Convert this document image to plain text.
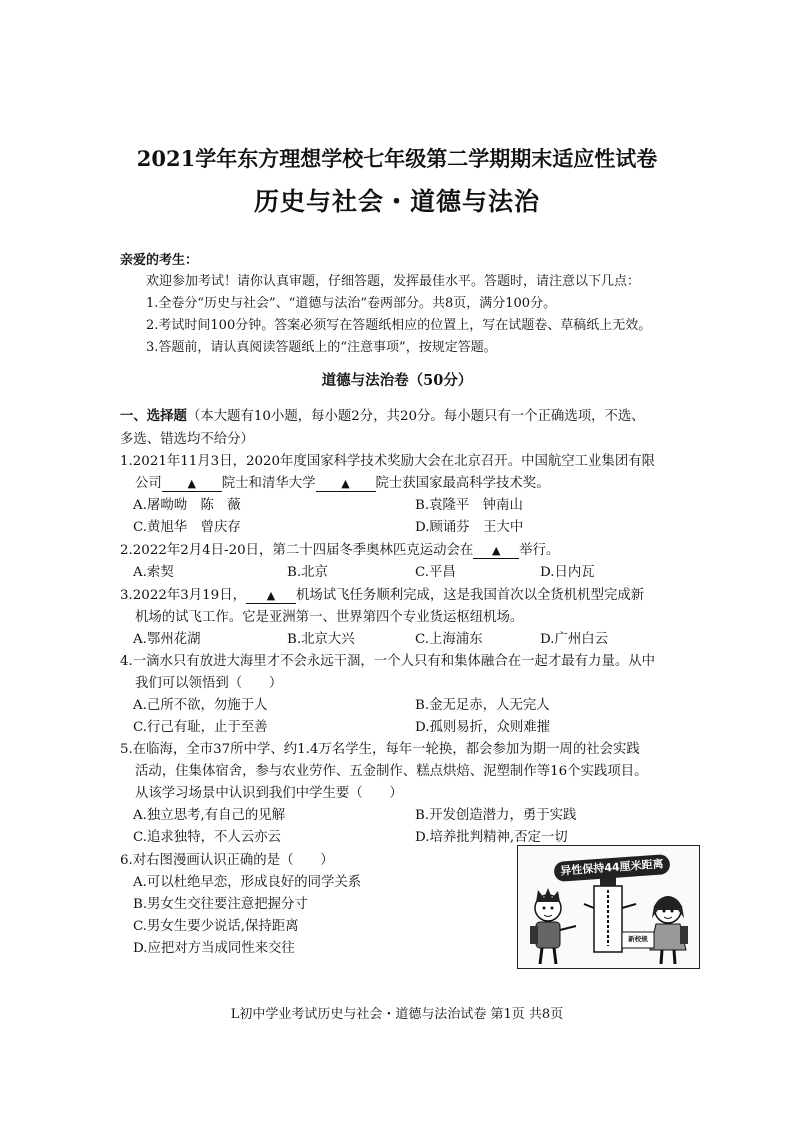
2021学年东方理想学校七年级第二学期期末适应性试卷
历史与社会・道德与法治
亲爱的考生：
欢迎参加考试！请你认真审题，仔细答题，发挥最佳水平。答题时，请注意以下几点：
1.全卷分“历史与社会”、“道德与法治”卷两部分。共8页，满分100分。
2.考试时间100分钟。答案必须写在答题纸相应的位置上，写在试题卷、草稿纸上无效。
3.答题前，请认真阅读答题纸上的“注意事项”，按规定答题。
道德与法治卷（50分）
一、选择题（本大题有10小题，每小题2分，共20分。每小题只有一个正确选项，不选、
多选、错选均不给分）
1.2021年11月3日，2020年度国家科学技术奖励大会在北京召开。中国航空工业集团有限
公司 ▲ 院士和清华大学 ▲ 院士获国家最高科学技术奖。
A.屠呦呦　陈　薇	B.袁隆平　钟南山
C.黄旭华　曾庆存	D.顾诵芬　王大中
2.2022年2月4日-20日，第二十四届冬季奥林匹克运动会在 ▲ 举行。
A.索契	B.北京	C.平昌	D.日内瓦
3.2022年3月19日， ▲ 机场试飞任务顺利完成，这是我国首次以全货机机型完成新
机场的试飞工作。它是亚洲第一、世界第四个专业货运枢纽机场。
A.鄂州花湖	B.北京大兴	C.上海浦东	D.广州白云
4.一滴水只有放进大海里才不会永远干涸，一个人只有和集体融合在一起才最有力量。从中
我们可以领悟到（　　）
A.己所不欲，勿施于人	B.金无足赤，人无完人
C.行己有耻，止于至善	D.孤则易折，众则难摧
5.在临海，全市37所中学、约1.4万名学生，每年一轮换，都会参加为期一周的社会实践
活动，住集体宿舍，参与农业劳作、五金制作、糕点烘焙、泥塑制作等16个实践项目。
从该学习场景中认识到我们中学生要（　　）
A.独立思考,有自己的见解	B.开发创造潜力，勇于实践
C.追求独特，不人云亦云	D.培养批判精神,否定一切
6.对右图漫画认识正确的是（　　）
A.可以杜绝早恋，形成良好的同学关系
B.男女生交往要注意把握分寸
C.男女生要少说话,保持距离
D.应把对方当成同性来交往
异性保持44厘米距离
新校规
L初中学业考试历史与社会・道德与法治试卷 第1页 共8页
